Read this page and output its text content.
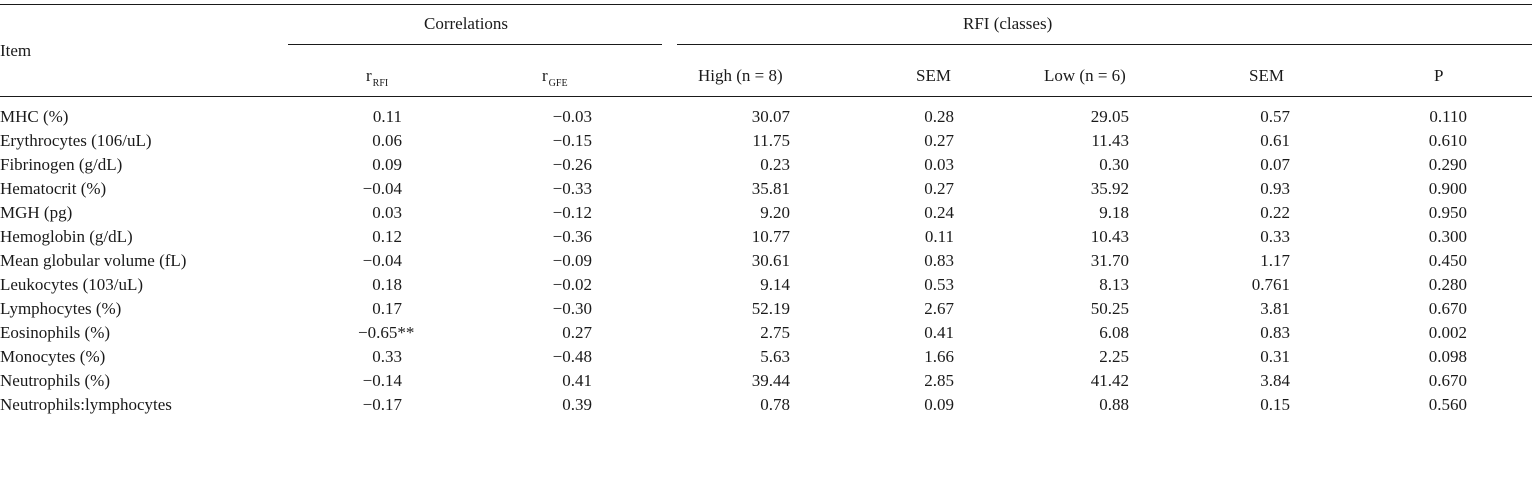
Item
Correlations	RFI (classes)
$r_{RFI}$	$r_{GFE}$	High (n = 8)	SEM	Low (n = 6)	SEM	P
MHC (%)	0.11	−0.03	30.07	0.28	29.05	0.57	0.110
Erythrocytes (106/uL)	0.06	−0.15	11.75	0.27	11.43	0.61	0.610
Fibrinogen (g/dL)	0.09	−0.26	0.23	0.03	0.30	0.07	0.290
Hematocrit (%)	−0.04	−0.33	35.81	0.27	35.92	0.93	0.900
MGH (pg)	0.03	−0.12	9.20	0.24	9.18	0.22	0.950
Hemoglobin (g/dL)	0.12	−0.36	10.77	0.11	10.43	0.33	0.300
Mean globular volume (fL)	−0.04	−0.09	30.61	0.83	31.70	1.17	0.450
Leukocytes (103/uL)	0.18	−0.02	9.14	0.53	8.13	0.761	0.280
Lymphocytes (%)	0.17	−0.30	52.19	2.67	50.25	3.81	0.670
Eosinophils (%)	−0.65**	0.27	2.75	0.41	6.08	0.83	0.002
Monocytes (%)	0.33	−0.48	5.63	1.66	2.25	0.31	0.098
Neutrophils (%)	−0.14	0.41	39.44	2.85	41.42	3.84	0.670
Neutrophils:lymphocytes	−0.17	0.39	0.78	0.09	0.88	0.15	0.560
